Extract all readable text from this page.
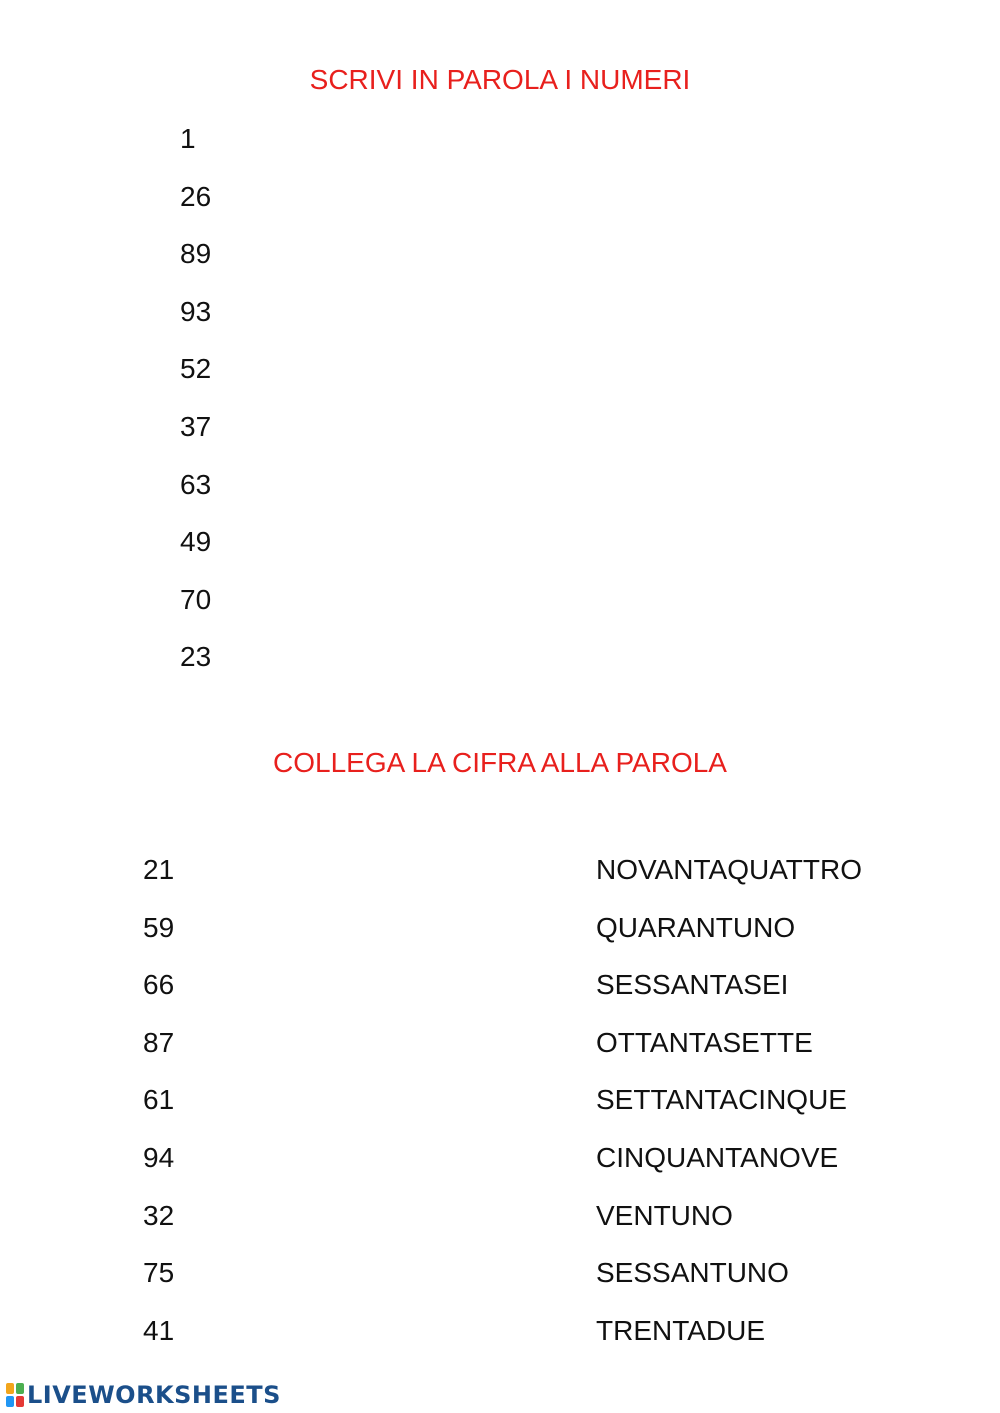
SCRIVI IN PAROLA I NUMERI
1
26
89
93
52
37
63
49
70
23
COLLEGA LA CIFRA ALLA PAROLA
21
59
66
87
61
94
32
75
41
NOVANTAQUATTRO
QUARANTUNO
SESSANTASEI
OTTANTASETTE
SETTANTACINQUE
CINQUANTANOVE
VENTUNO
SESSANTUNO
TRENTADUE
LIVEWORKSHEETS
